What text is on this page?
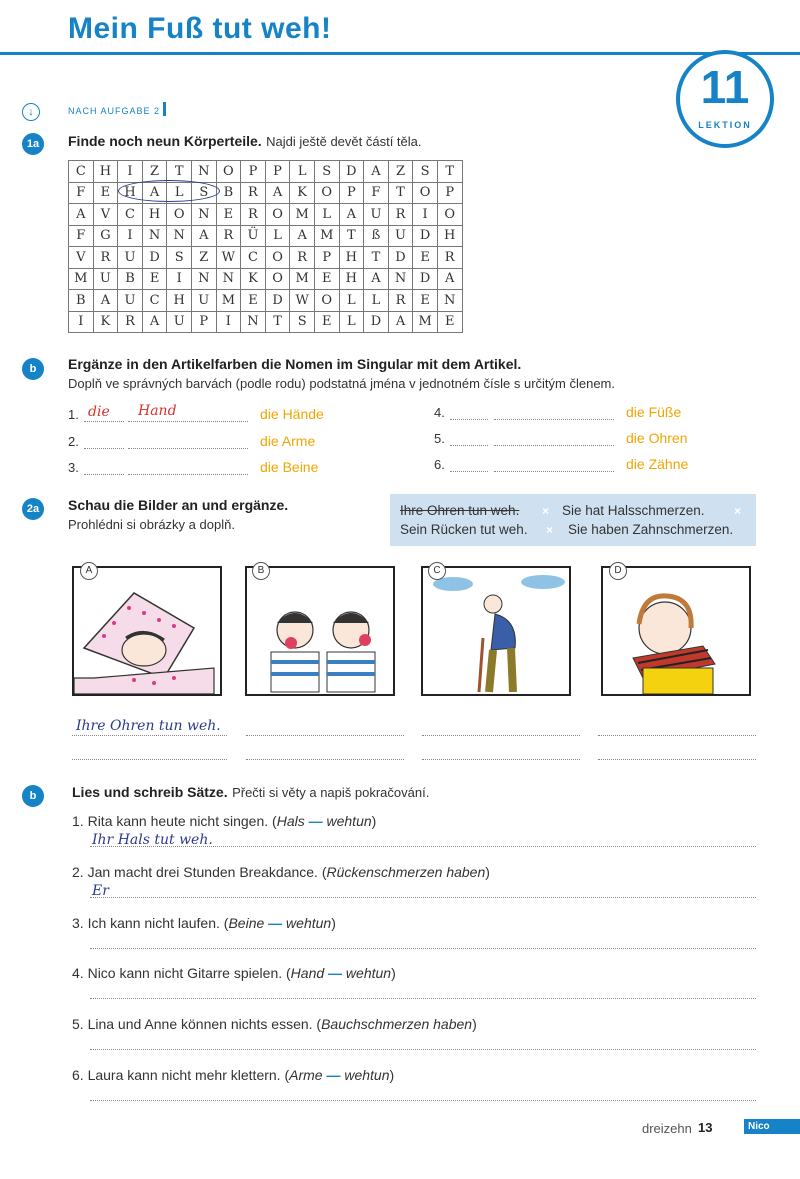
Mein Fuß tut weh!
11
LEKTION
↓	NACH AUFGABE 2
1a	Finde noch neun Körperteile. Najdi ještě devět částí těla.
C	H	I	Z	T	N	O	P	P	L	S	D	A	Z	S	T
F	E	H	A	L	S	B	R	A	K	O	P	F	T	O	P
A	V	C	H	O	N	E	R	O	M	L	A	U	R	I	O
F	G	I	N	N	A	R	Ü	L	A	M	T	ß	U	D	H
V	R	U	D	S	Z	W	C	O	R	P	H	T	D	E	R
M	U	B	E	I	N	N	K	O	M	E	H	A	N	D	A
B	A	U	C	H	U	M	E	D	W	O	L	L	R	E	N
I	K	R	A	U	P	I	N	T	S	E	L	D	A	M	E
b	Ergänze in den Artikelfarben die Nomen im Singular mit dem Artikel.
Doplň ve správných barvách (podle rodu) podstatná jména v jednotném čísle s určitým členem.
1. die Hand	die Hände
2.	die Arme
3.	die Beine
4.	die Füße
5.	die Ohren
6.	die Zähne
2a	Schau die Bilder an und ergänze.
Prohlédni si obrázky a doplň.
Ihre Ohren tun weh. × Sie hat Halsschmerzen. ×
Sein Rücken tut weh. × Sie haben Zahnschmerzen.
A	B	C	D
Ihre Ohren tun weh.
b	Lies und schreib Sätze. Přečti si věty a napiš pokračování.
1. Rita kann heute nicht singen. (Hals — wehtun)
Ihr Hals tut weh.
2. Jan macht drei Stunden Breakdance. (Rückenschmerzen haben)
Er
3. Ich kann nicht laufen. (Beine — wehtun)
4. Nico kann nicht Gitarre spielen. (Hand — wehtun)
5. Lina und Anne können nichts essen. (Bauchschmerzen haben)
6. Laura kann nicht mehr klettern. (Arme — wehtun)
dreizehn 13	Nico
